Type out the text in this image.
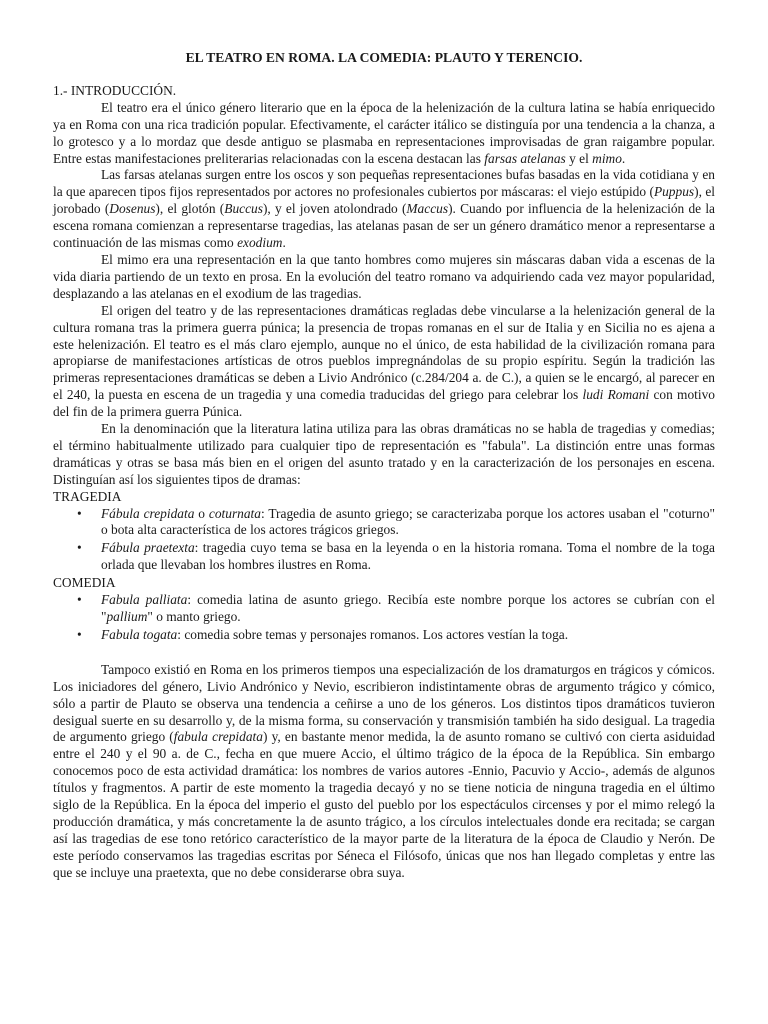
EL TEATRO EN ROMA. LA COMEDIA: PLAUTO Y TERENCIO.
1.- INTRODUCCIÓN.

El teatro era el único género literario que en la época de la helenización de la cultura latina se había enriquecido ya en Roma con una rica tradición popular. Efectivamente, el carácter itálico se distinguía por una tendencia a la chanza, a lo grotesco y a lo mordaz que desde antiguo se plasmaba en representaciones improvisadas de gran raigambre popular. Entre estas manifestaciones preliterarias relacionadas con la escena destacan las farsas atelanas y el mimo.

Las farsas atelanas surgen entre los oscos y son pequeñas representaciones bufas basadas en la vida cotidiana y en la que aparecen tipos fijos representados por actores no profesionales cubiertos por máscaras: el viejo estúpido (Puppus), el jorobado (Dosenus), el glotón (Buccus), y el joven atolondrado (Maccus). Cuando por influencia de la helenización de la escena romana comienzan a representarse tragedias, las atelanas pasan de ser un género dramático menor a representarse a continuación de las mismas como exodium.

El mimo era una representación en la que tanto hombres como mujeres sin máscaras daban vida a escenas de la vida diaria partiendo de un texto en prosa. En la evolución del teatro romano va adquiriendo cada vez mayor popularidad, desplazando a las atelanas en el exodium de las tragedias.

El origen del teatro y de las representaciones dramáticas regladas debe vincularse a la helenización general de la cultura romana tras la primera guerra púnica; la presencia de tropas romanas en el sur de Italia y en Sicilia no es ajena a este helenización. El teatro es el más claro ejemplo, aunque no el único, de esta habilidad de la civilización romana para apropiarse de manifestaciones artísticas de otros pueblos impregnándolas de su propio espíritu. Según la tradición las primeras representaciones dramáticas se deben a Livio Andrónico (c.284/204 a. de C.), a quien se le encargó, al parecer en el 240, la puesta en escena de un tragedia y una comedia traducidas del griego para celebrar los ludi Romani con motivo del fin de la primera guerra Púnica.

En la denominación que la literatura latina utiliza para las obras dramáticas no se habla de tragedias y comedias; el término habitualmente utilizado para cualquier tipo de representación es "fabula". La distinción entre unas formas dramáticas y otras se basa más bien en el origen del asunto tratado y en la caracterización de los personajes en escena. Distinguían así los siguientes tipos de dramas:

TRAGEDIA
• Fábula crepidata o coturnata: Tragedia de asunto griego; se caracterizaba porque los actores usaban el "coturno" o bota alta característica de los actores trágicos griegos.
• Fábula praetexta: tragedia cuyo tema se basa en la leyenda o en la historia romana. Toma el nombre de la toga orlada que llevaban los hombres ilustres en Roma.
COMEDIA
• Fabula palliata: comedia latina de asunto griego. Recibía este nombre porque los actores se cubrían con el "pallium" o manto griego.
• Fabula togata: comedia sobre temas y personajes romanos. Los actores vestían la toga.

Tampoco existió en Roma en los primeros tiempos una especialización de los dramaturgos en trágicos y cómicos. Los iniciadores del género, Livio Andrónico y Nevio, escribieron indistintamente obras de argumento trágico y cómico, sólo a partir de Plauto se observa una tendencia a ceñirse a uno de los géneros. Los distintos tipos dramáticos tuvieron desigual suerte en su desarrollo y, de la misma forma, su conservación y transmisión también ha sido desigual. La tragedia de argumento griego (fabula crepidata) y, en bastante menor medida, la de asunto romano se cultivó con cierta asiduidad entre el 240 y el 90 a. de C., fecha en que muere Accio, el último trágico de la época de la República. Sin embargo conocemos poco de esta actividad dramática: los nombres de varios autores -Ennio, Pacuvio y Accio-, además de algunos títulos y fragmentos. A partir de este momento la tragedia decayó y no se tiene noticia de ninguna tragedia en el último siglo de la República. En la época del imperio el gusto del pueblo por los espectáculos circenses y por el mimo relegó la producción dramática, y más concretamente la de asunto trágico, a los círculos intelectuales donde era recitada; se cargan así las tragedias de ese tono retórico característico de la mayor parte de la literatura de la época de Claudio y Nerón. De este período conservamos las tragedias escritas por Séneca el Filósofo, únicas que nos han llegado completas y entre las que se incluye una praetexta, que no debe considerarse obra suya.
